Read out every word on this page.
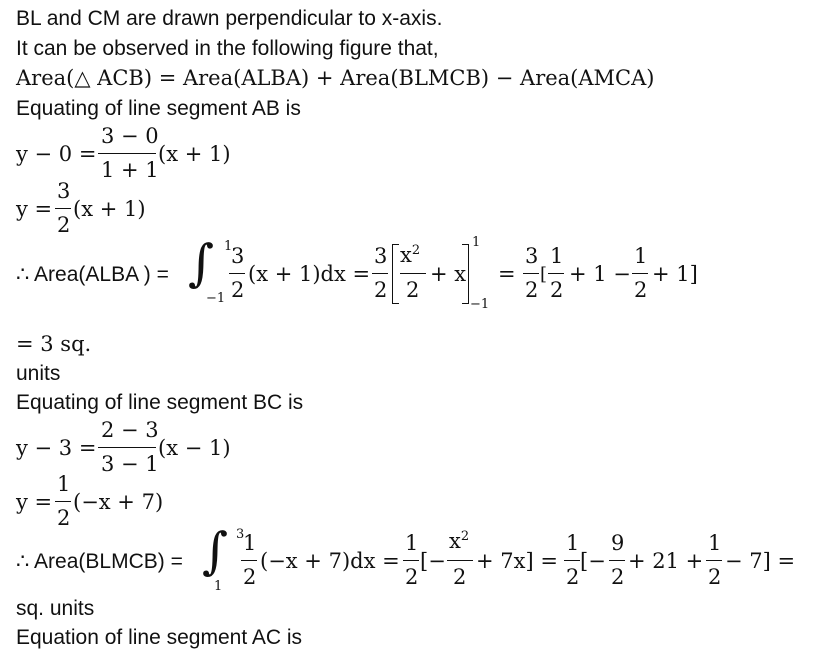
BL and CM are drawn perpendicular to x-axis.
It can be observed in the following figure that,
Area(△ ACB) = Area(ALBA) + Area(BLMCB) − Area(AMCA)
Equating of line segment AB is
y − 0 =
3 − 0
1 + 1
(x + 1)
y =
3
2
(x + 1)
∴ Area(ALBA ) = ∫ 1
−1
3
2
(x + 1)dx =
3
2
$x^2$
2
+ x
1
−1
=
3
2
[
1
2
+ 1 −
1
2
+ 1]
= 3 sq.
units
Equating of line segment BC is
y − 3 =
2 − 3
3 − 1
(x − 1)
y =
1
2
(−x + 7)
∴ Area(BLMCB) = ∫ 3
1
1
2
(−x + 7)dx =
1
2
[−
$x^2$
2
+ 7x] =
1
2
[−
9
2
+ 21 +
1
2
− 7] =
sq. units
Equation of line segment AC is
